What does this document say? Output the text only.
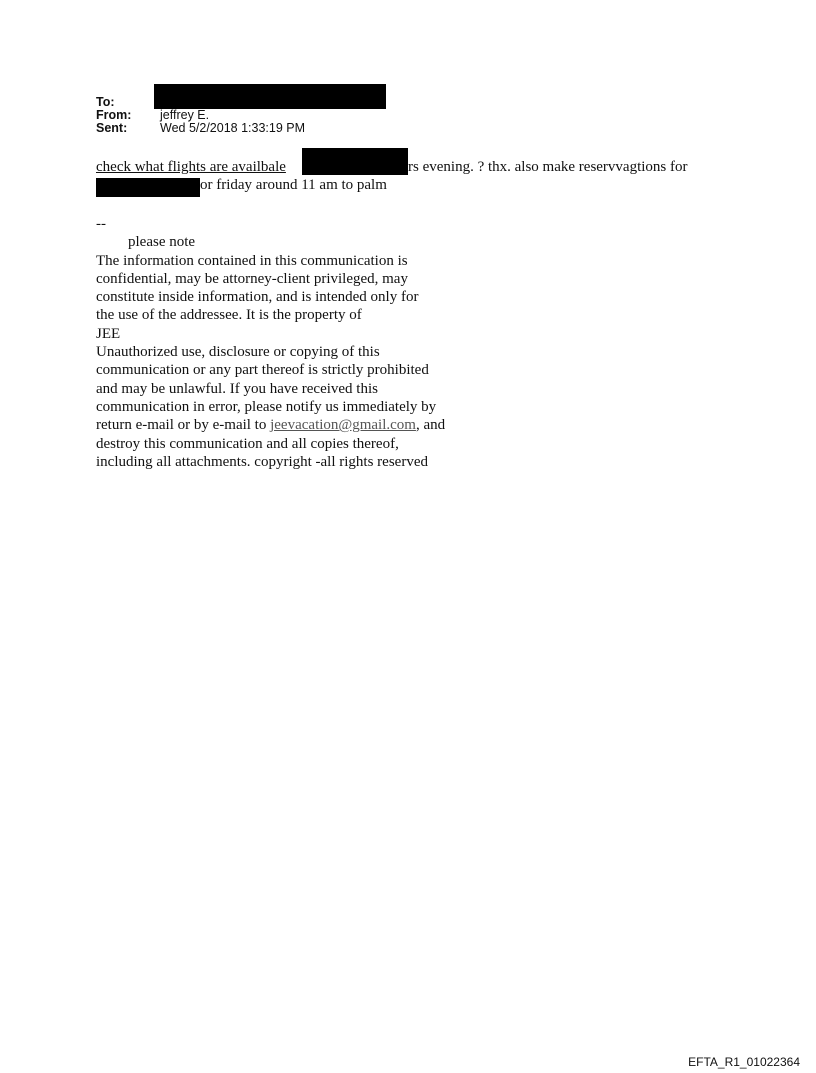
To:
From:	jeffrey E.
Sent:	Wed 5/2/2018 1:33:19 PM
check what flights are availbale	rs evening. ? thx. also make reservvagtions for
or friday around 11 am to palm
--
please note
The information contained in this communication is
confidential, may be attorney-client privileged, may
constitute inside information, and is intended only for
the use of the addressee. It is the property of
JEE
Unauthorized use, disclosure or copying of this
communication or any part thereof is strictly prohibited
and may be unlawful. If you have received this
communication in error, please notify us immediately by
return e-mail or by e-mail to jeevacation@gmail.com, and
destroy this communication and all copies thereof,
including all attachments. copyright -all rights reserved
EFTA_R1_01022364
